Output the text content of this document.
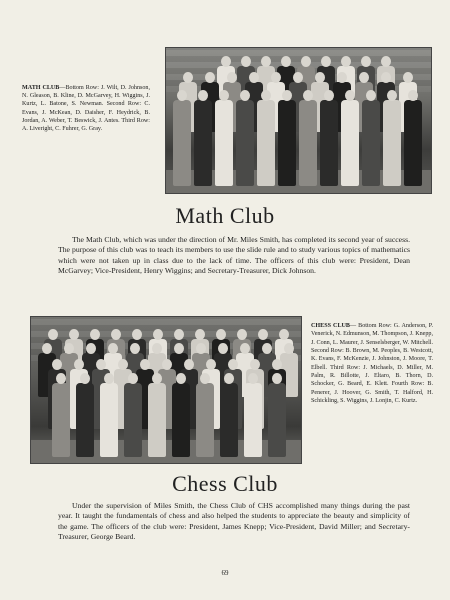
MATH CLUB—Bottom Row: J. Wilt, D. Johnson, N. Gleason, B. Kline, D. McGarvey, H. Wiggins, J. Kurtz, L. Batone, S. Newman. Second Row: C. Evans, J. McKean, D. Daisher, F. Heydrick, B. Jordan, A. Weber, T. Beswick, J. Antes. Third Row: A. Liveright, C. Fuhrer, G. Gray.

Math Club

The Math Club, which was under the direction of Mr. Miles Smith, has completed its second year of success. The purpose of this club was to teach its members to use the slide rule and to study various topics of mathematics which were not taken up in class due to the lack of time. The officers of this club were: President, Dean McGarvey; Vice-President, Henry Wiggins; and Secretary-Treasurer, Dick Johnson.

CHESS CLUB— Bottom Row: G. Anderson, P. Venerick, N. Edmunson, M. Thompson, J. Knepp, J. Conn, L. Maurer, J. Senselsberger, W. Mitchell. Second Row: B. Brown, M. Peoples, B. Westcott, K. Evans, F. McKenzie, J. Johnston, J. Moore, T. Elbell. Third Row: J. Michaels, D. Miller, M. Palm, R. Billotte, J. Eltaro, B. Thorn, D. Schocker, G. Beard, E. Klett. Fourth Row: B. Penerer, J. Hoover, G. Smith, T. Halford, H. Schickling, S. Wiggins, J. Lonjin, C. Kurtz.

Chess Club

Under the supervision of Miles Smith, the Chess Club of CHS accomplished many things during the past year. It taught the fundamentals of chess and also helped the students to appreciate the beauty and simplicity of the game. The officers of the club were: President, James Knepp; Vice-President, David Miller; and Secretary-Treasurer, George Beard.

69
